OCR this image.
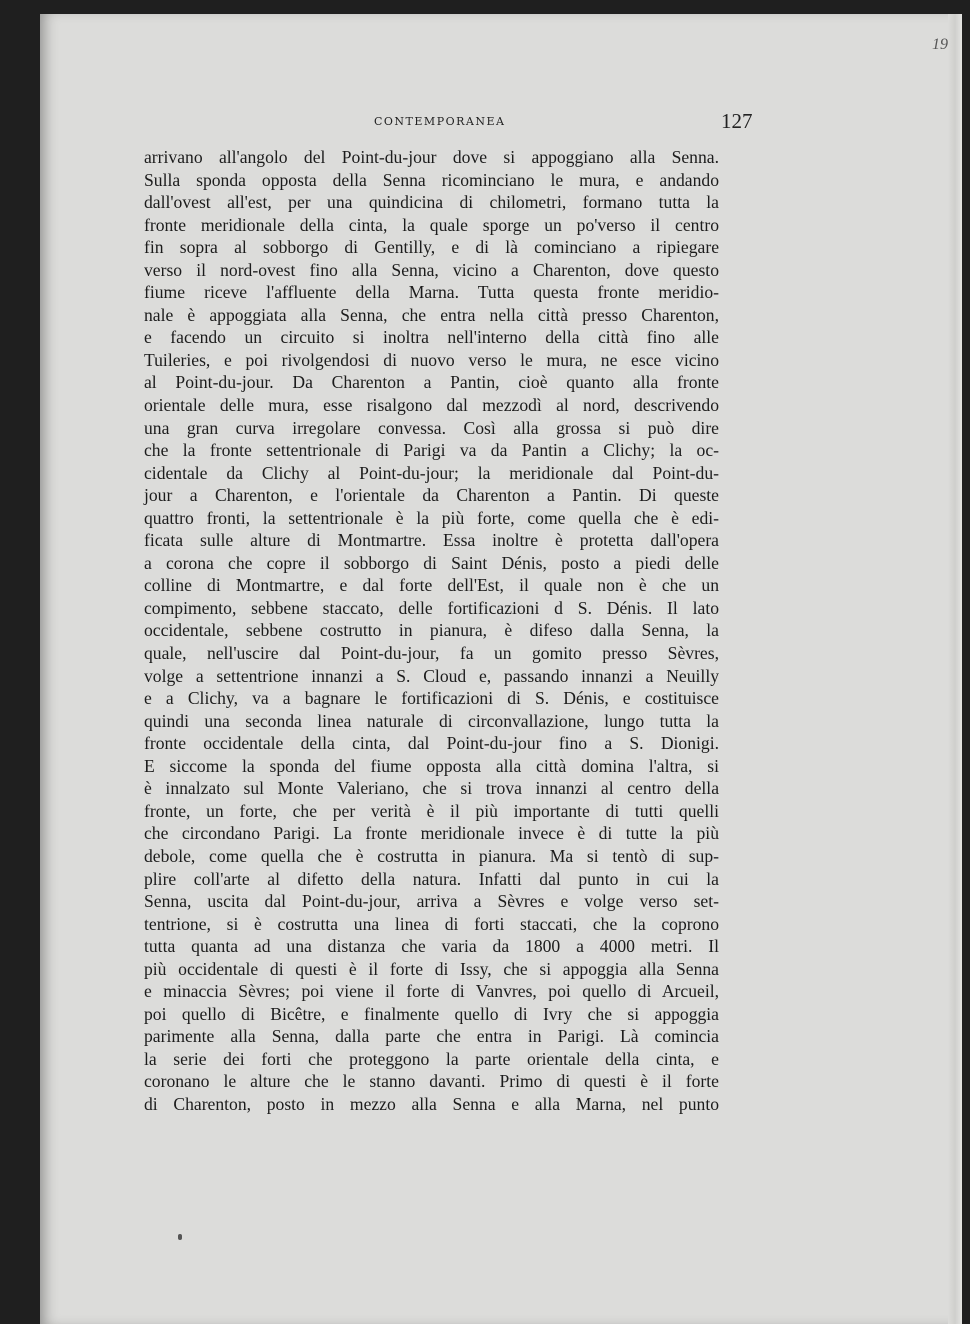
CONTEMPORANEA	127
19
arrivano all'angolo del Point-du-jour dove si appoggiano alla Senna.
Sulla sponda opposta della Senna ricominciano le mura, e andando
dall'ovest all'est, per una quindicina di chilometri, formano tutta la
fronte meridionale della cinta, la quale sporge un po'verso il centro
fin sopra al sobborgo di Gentilly, e di là cominciano a ripiegare
verso il nord-ovest fino alla Senna, vicino a Charenton, dove questo
fiume riceve l'affluente della Marna. Tutta questa fronte meridio-
nale è appoggiata alla Senna, che entra nella città presso Charenton,
e facendo un circuito si inoltra nell'interno della città fino alle
Tuileries, e poi rivolgendosi di nuovo verso le mura, ne esce vicino
al Point-du-jour. Da Charenton a Pantin, cioè quanto alla fronte
orientale delle mura, esse risalgono dal mezzodì al nord, descrivendo
una gran curva irregolare convessa. Così alla grossa si può dire
che la fronte settentrionale di Parigi va da Pantin a Clichy; la oc-
cidentale da Clichy al Point-du-jour; la meridionale dal Point-du-
jour a Charenton, e l'orientale da Charenton a Pantin. Di queste
quattro fronti, la settentrionale è la più forte, come quella che è edi-
ficata sulle alture di Montmartre. Essa inoltre è protetta dall'opera
a corona che copre il sobborgo di Saint Dénis, posto a piedi delle
colline di Montmartre, e dal forte dell'Est, il quale non è che un
compimento, sebbene staccato, delle fortificazioni d S. Dénis. Il lato
occidentale, sebbene costrutto in pianura, è difeso dalla Senna, la
quale, nell'uscire dal Point-du-jour, fa un gomito presso Sèvres,
volge a settentrione innanzi a S. Cloud e, passando innanzi a Neuilly
e a Clichy, va a bagnare le fortificazioni di S. Dénis, e costituisce
quindi una seconda linea naturale di circonvallazione, lungo tutta la
fronte occidentale della cinta, dal Point-du-jour fino a S. Dionigi.
E siccome la sponda del fiume opposta alla città domina l'altra, si
è innalzato sul Monte Valeriano, che si trova innanzi al centro della
fronte, un forte, che per verità è il più importante di tutti quelli
che circondano Parigi. La fronte meridionale invece è di tutte la più
debole, come quella che è costrutta in pianura. Ma si tentò di sup-
plire coll'arte al difetto della natura. Infatti dal punto in cui la
Senna, uscita dal Point-du-jour, arriva a Sèvres e volge verso set-
tentrione, si è costrutta una linea di forti staccati, che la coprono
tutta quanta ad una distanza che varia da 1800 a 4000 metri. Il
più occidentale di questi è il forte di Issy, che si appoggia alla Senna
e minaccia Sèvres; poi viene il forte di Vanvres, poi quello di Arcueil,
poi quello di Bicêtre, e finalmente quello di Ivry che si appoggia
parimente alla Senna, dalla parte che entra in Parigi. Là comincia
la serie dei forti che proteggono la parte orientale della cinta, e
coronano le alture che le stanno davanti. Primo di questi è il forte
di Charenton, posto in mezzo alla Senna e alla Marna, nel punto
